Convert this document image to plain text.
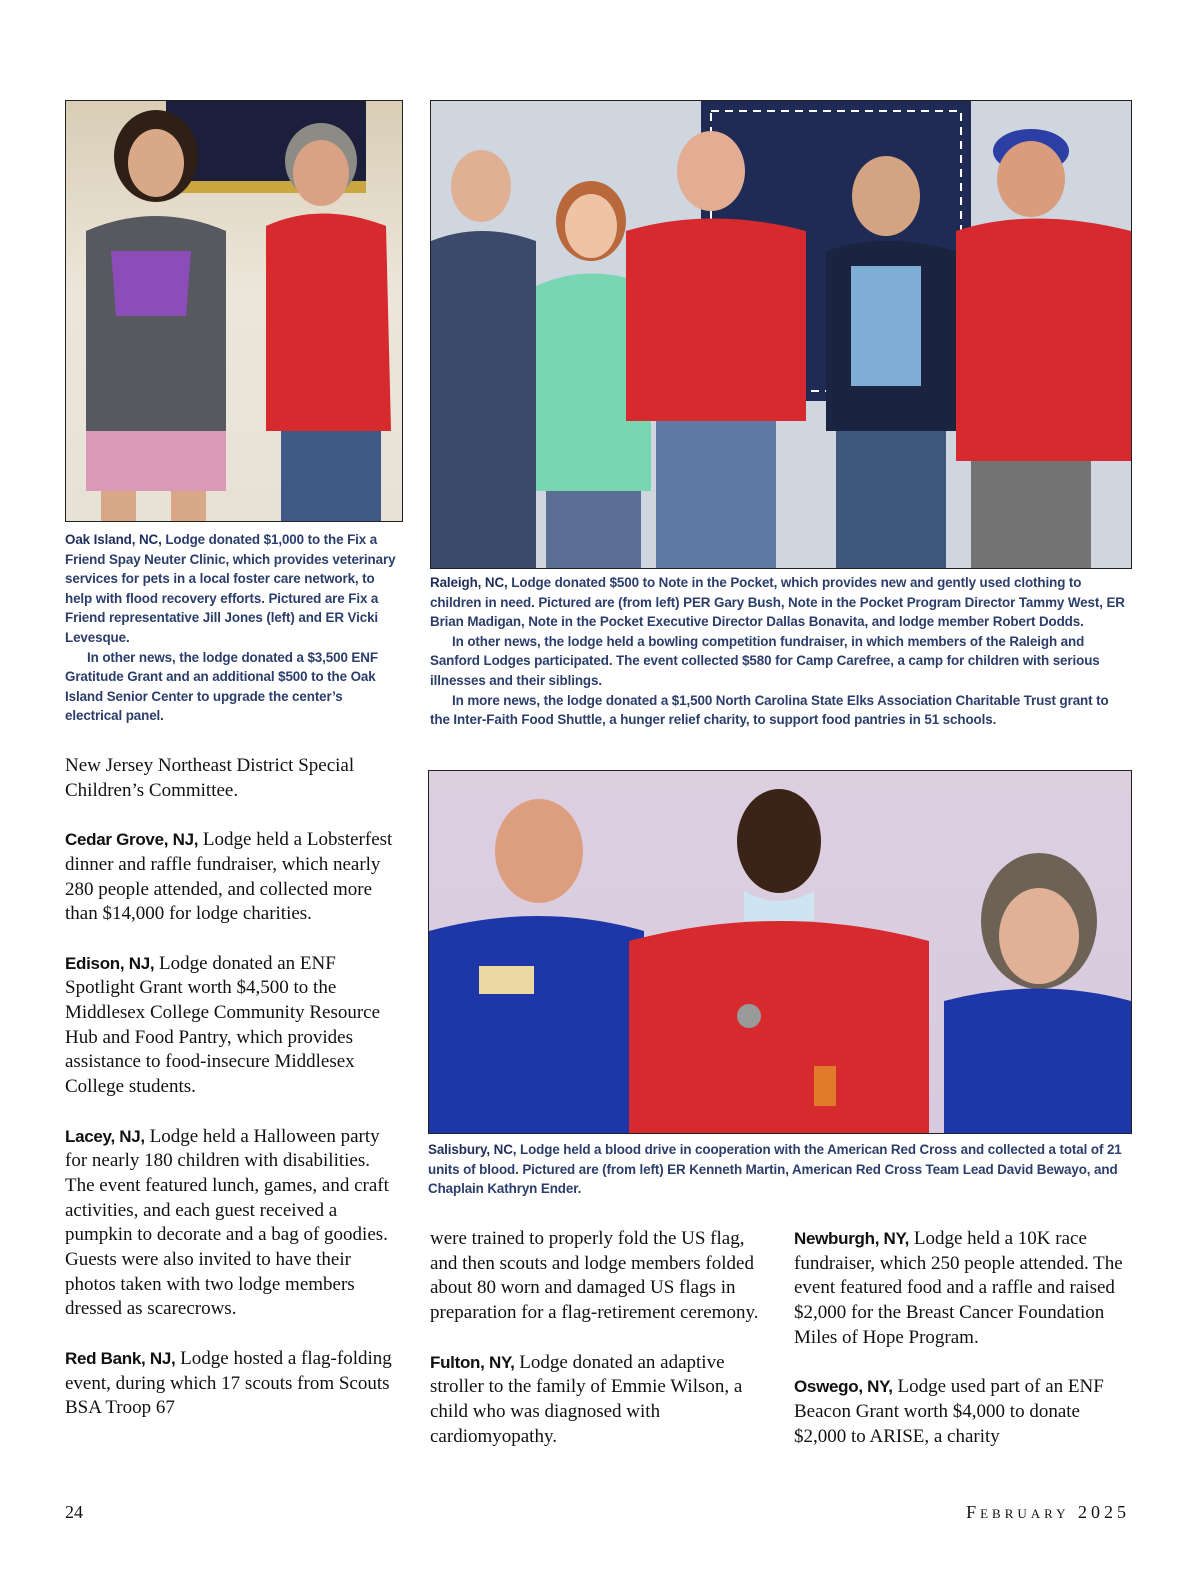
Oak Island, NC, Lodge donated $1,000 to the Fix a Friend Spay Neuter Clinic, which provides veterinary services for pets in a local foster care network, to help with flood recovery efforts. Pictured are Fix a Friend representative Jill Jones (left) and ER Vicki Levesque.

In other news, the lodge donated a $3,500 ENF Gratitude Grant and an additional $500 to the Oak Island Senior Center to upgrade the center’s electrical panel.

Raleigh, NC, Lodge donated $500 to Note in the Pocket, which provides new and gently used clothing to children in need. Pictured are (from left) PER Gary Bush, Note in the Pocket Program Director Tammy West, ER Brian Madigan, Note in the Pocket Executive Director Dallas Bonavita, and lodge member Robert Dodds.

In other news, the lodge held a bowling competition fundraiser, in which members of the Raleigh and Sanford Lodges participated. The event collected $580 for Camp Carefree, a camp for children with serious illnesses and their siblings.

In more news, the lodge donated a $1,500 North Carolina State Elks Association Charitable Trust grant to the Inter-Faith Food Shuttle, a hunger relief charity, to support food pantries in 51 schools.

Salisbury, NC, Lodge held a blood drive in cooperation with the American Red Cross and collected a total of 21 units of blood. Pictured are (from left) ER Kenneth Martin, American Red Cross Team Lead David Bewayo, and Chaplain Kathryn Ender.

New Jersey Northeast District Special Children’s Committee.

Cedar Grove, NJ, Lodge held a Lobsterfest dinner and raffle fundraiser, which nearly 280 people attended, and collected more than $14,000 for lodge charities.

Edison, NJ, Lodge donated an ENF Spotlight Grant worth $4,500 to the Middlesex College Community Resource Hub and Food Pantry, which provides assistance to food-insecure Middlesex College students.

Lacey, NJ, Lodge held a Halloween party for nearly 180 children with disabilities. The event featured lunch, games, and craft activities, and each guest received a pumpkin to decorate and a bag of goodies. Guests were also invited to have their photos taken with two lodge members dressed as scarecrows.

Red Bank, NJ, Lodge hosted a flag-folding event, during which 17 scouts from Scouts BSA Troop 67

were trained to properly fold the US flag, and then scouts and lodge members folded about 80 worn and damaged US flags in preparation for a flag-retirement ceremony.

Fulton, NY, Lodge donated an adaptive stroller to the family of Emmie Wilson, a child who was diagnosed with cardiomyopathy.

Newburgh, NY, Lodge held a 10K race fundraiser, which 250 people attended. The event featured food and a raffle and raised $2,000 for the Breast Cancer Foundation Miles of Hope Program.

Oswego, NY, Lodge used part of an ENF Beacon Grant worth $4,000 to donate $2,000 to ARISE, a charity

24	February 2025
